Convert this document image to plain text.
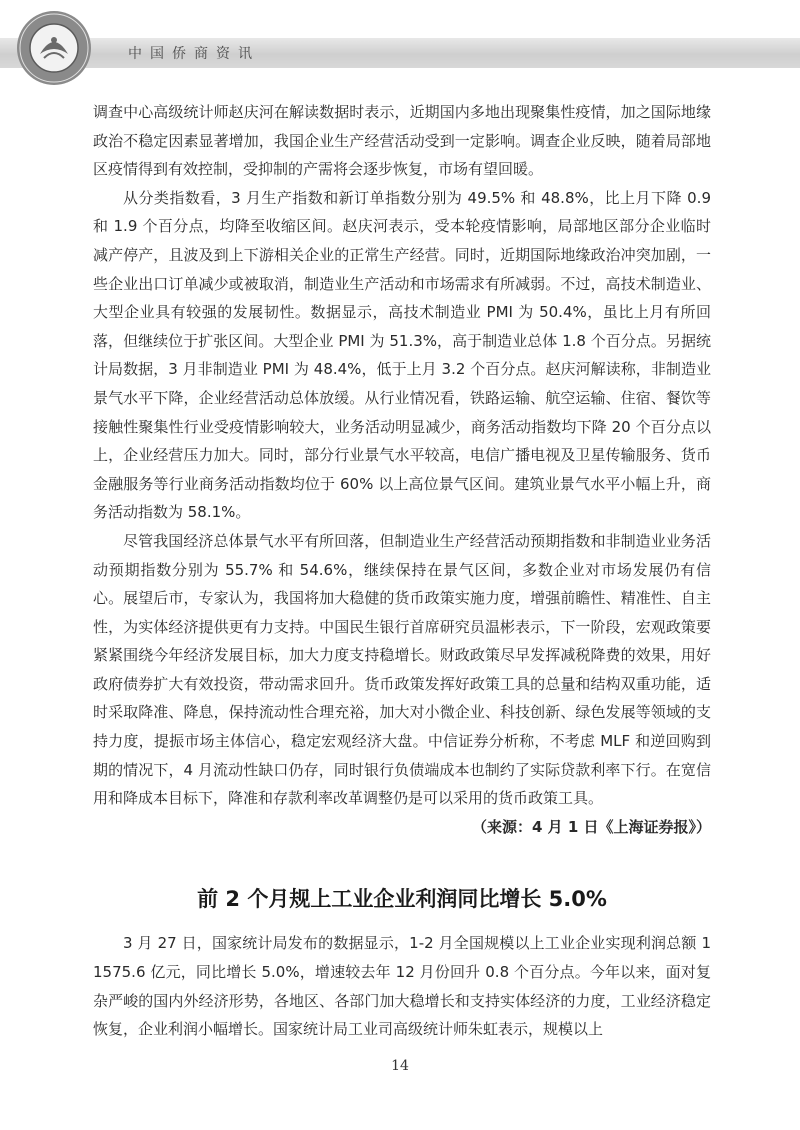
中国侨商资讯

调查中心高级统计师赵庆河在解读数据时表示，近期国内多地出现聚集性疫情，加之国际地缘政治不稳定因素显著增加，我国企业生产经营活动受到一定影响。调查企业反映，随着局部地区疫情得到有效控制，受抑制的产需将会逐步恢复，市场有望回暖。

从分类指数看，3 月生产指数和新订单指数分别为 49.5% 和 48.8%，比上月下降 0.9 和 1.9 个百分点，均降至收缩区间。赵庆河表示，受本轮疫情影响，局部地区部分企业临时减产停产，且波及到上下游相关企业的正常生产经营。同时，近期国际地缘政治冲突加剧，一些企业出口订单减少或被取消，制造业生产活动和市场需求有所减弱。不过，高技术制造业、大型企业具有较强的发展韧性。数据显示，高技术制造业 PMI 为 50.4%，虽比上月有所回落，但继续位于扩张区间。大型企业 PMI 为 51.3%，高于制造业总体 1.8 个百分点。另据统计局数据，3 月非制造业 PMI 为 48.4%，低于上月 3.2 个百分点。赵庆河解读称，非制造业景气水平下降，企业经营活动总体放缓。从行业情况看，铁路运输、航空运输、住宿、餐饮等接触性聚集性行业受疫情影响较大，业务活动明显减少，商务活动指数均下降 20 个百分点以上，企业经营压力加大。同时，部分行业景气水平较高，电信广播电视及卫星传输服务、货币金融服务等行业商务活动指数均位于 60% 以上高位景气区间。建筑业景气水平小幅上升，商务活动指数为 58.1%。

尽管我国经济总体景气水平有所回落，但制造业生产经营活动预期指数和非制造业业务活动预期指数分别为 55.7% 和 54.6%，继续保持在景气区间，多数企业对市场发展仍有信心。展望后市，专家认为，我国将加大稳健的货币政策实施力度，增强前瞻性、精准性、自主性，为实体经济提供更有力支持。中国民生银行首席研究员温彬表示，下一阶段，宏观政策要紧紧围绕今年经济发展目标，加大力度支持稳增长。财政政策尽早发挥减税降费的效果，用好政府债券扩大有效投资，带动需求回升。货币政策发挥好政策工具的总量和结构双重功能，适时采取降准、降息，保持流动性合理充裕，加大对小微企业、科技创新、绿色发展等领域的支持力度，提振市场主体信心，稳定宏观经济大盘。中信证券分析称，不考虑 MLF 和逆回购到期的情况下，4 月流动性缺口仍存，同时银行负债端成本也制约了实际贷款利率下行。在宽信用和降成本目标下，降准和存款利率改革调整仍是可以采用的货币政策工具。

（来源：4 月 1 日《上海证券报》）

前 2 个月规上工业企业利润同比增长 5.0%

3 月 27 日，国家统计局发布的数据显示，1-2 月全国规模以上工业企业实现利润总额 11575.6 亿元，同比增长 5.0%，增速较去年 12 月份回升 0.8 个百分点。今年以来，面对复杂严峻的国内外经济形势，各地区、各部门加大稳增长和支持实体经济的力度，工业经济稳定恢复，企业利润小幅增长。国家统计局工业司高级统计师朱虹表示，规模以上

14
